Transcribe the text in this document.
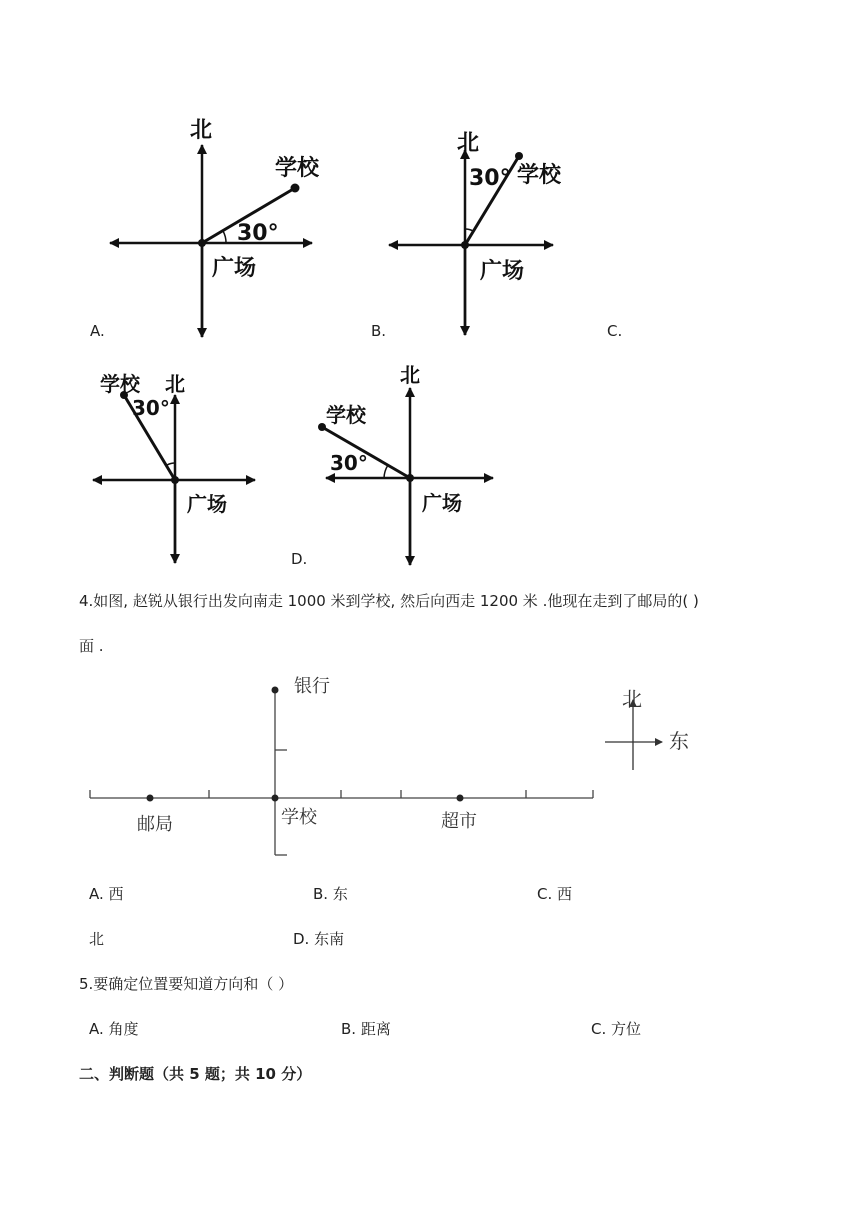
北
学校
30°
广场
A.
北
30° 学校
广场
B.	C.
学校 北
30°
广场
D.
北
学校
30°
广场
4.如图, 赵锐从银行出发向南走 1000 米到学校, 然后向西走 1200 米 .他现在走到了邮局的( )
面 .
银行
学校
邮局	超市
北
东
A. 西	B. 东	C. 西
北	D. 东南
5.要确定位置要知道方向和（ ）
A. 角度	B. 距离	C. 方位
二、判断题（共 5 题；共 10 分）
